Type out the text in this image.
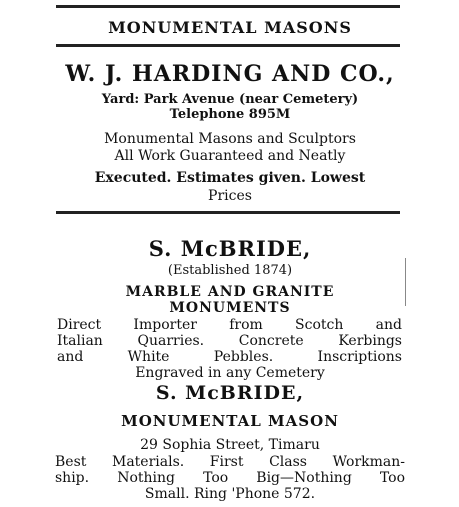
MONUMENTAL MASONS
W. J. HARDING AND CO.,
Yard: Park Avenue (near Cemetery)
Telephone 895M
Monumental Masons and Sculptors
All Work Guaranteed and Neatly
Executed. Estimates given. Lowest
Prices
S. McBRIDE,
(Established 1874)
MARBLE AND GRANITE
MONUMENTS
Direct Importer from Scotch and
Italian Quarries. Concrete Kerbings
and White Pebbles. Inscriptions
Engraved in any Cemetery
S. McBRIDE,
MONUMENTAL MASON
29 Sophia Street, Timaru
Best Materials. First Class Workman-
ship. Nothing Too Big—Nothing Too
Small. Ring 'Phone 572.
